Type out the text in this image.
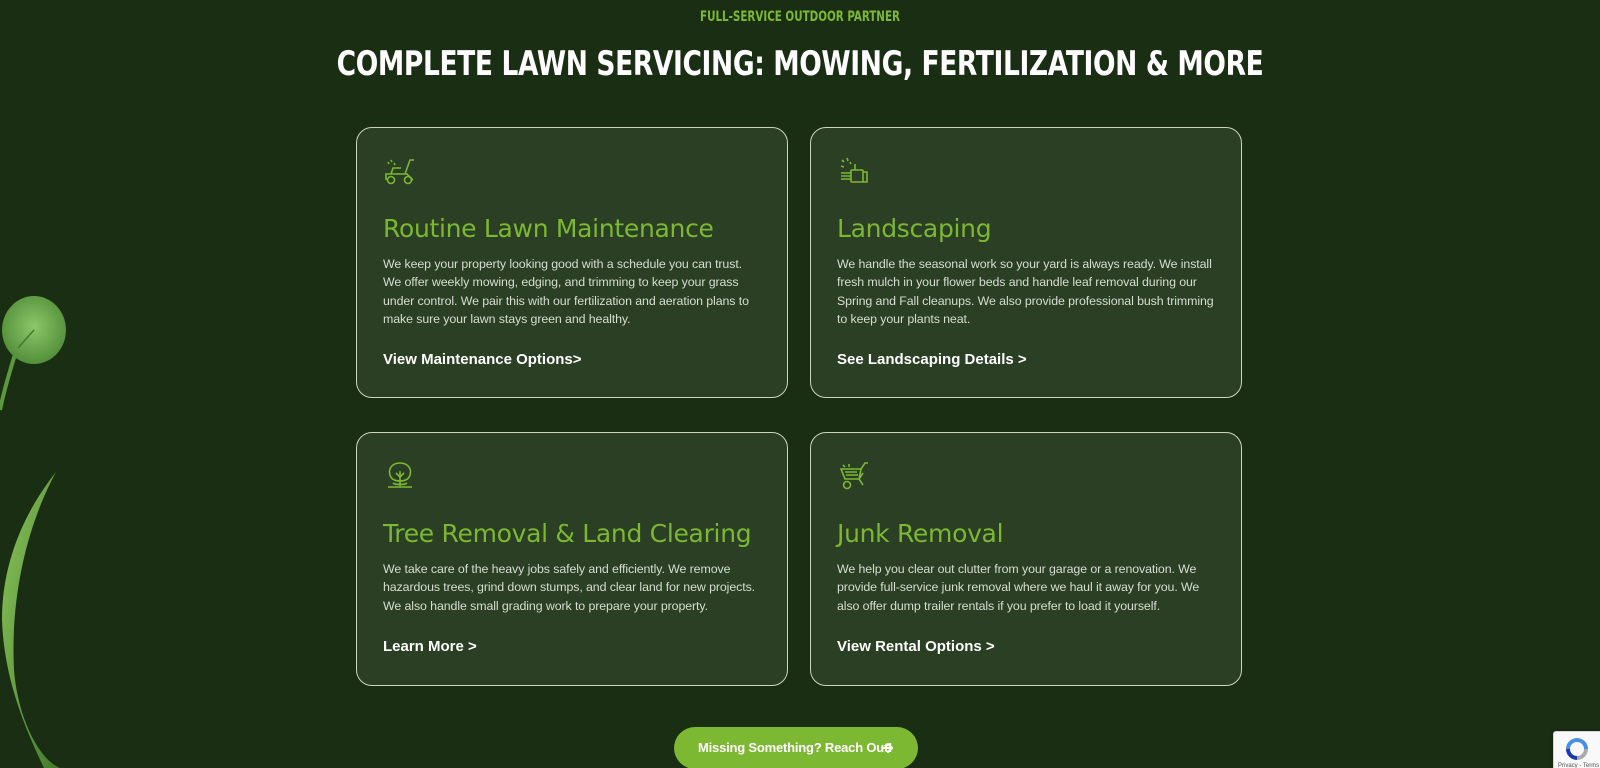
FULL-SERVICE OUTDOOR PARTNER
COMPLETE LAWN SERVICING: MOWING, FERTILIZATION & MORE
Routine Lawn Maintenance

We keep your property looking good with a schedule you can trust. We offer weekly mowing, edging, and trimming to keep your grass under control. We pair this with our fertilization and aeration plans to make sure your lawn stays green and healthy.

View Maintenance Options>
Landscaping

We handle the seasonal work so your yard is always ready. We install fresh mulch in your flower beds and handle leaf removal during our Spring and Fall cleanups. We also provide professional bush trimming to keep your plants neat.

See Landscaping Details >
Tree Removal & Land Clearing

We take care of the heavy jobs safely and efficiently. We remove hazardous trees, grind down stumps, and clear land for new projects. We also handle small grading work to prepare your property.

Learn More >
Junk Removal

We help you clear out clutter from your garage or a renovation. We provide full-service junk removal where we haul it away for you. We also offer dump trailer rentals if you prefer to load it yourself.

View Rental Options >
Missing Something? Reach Out!
Privacy - Terms
